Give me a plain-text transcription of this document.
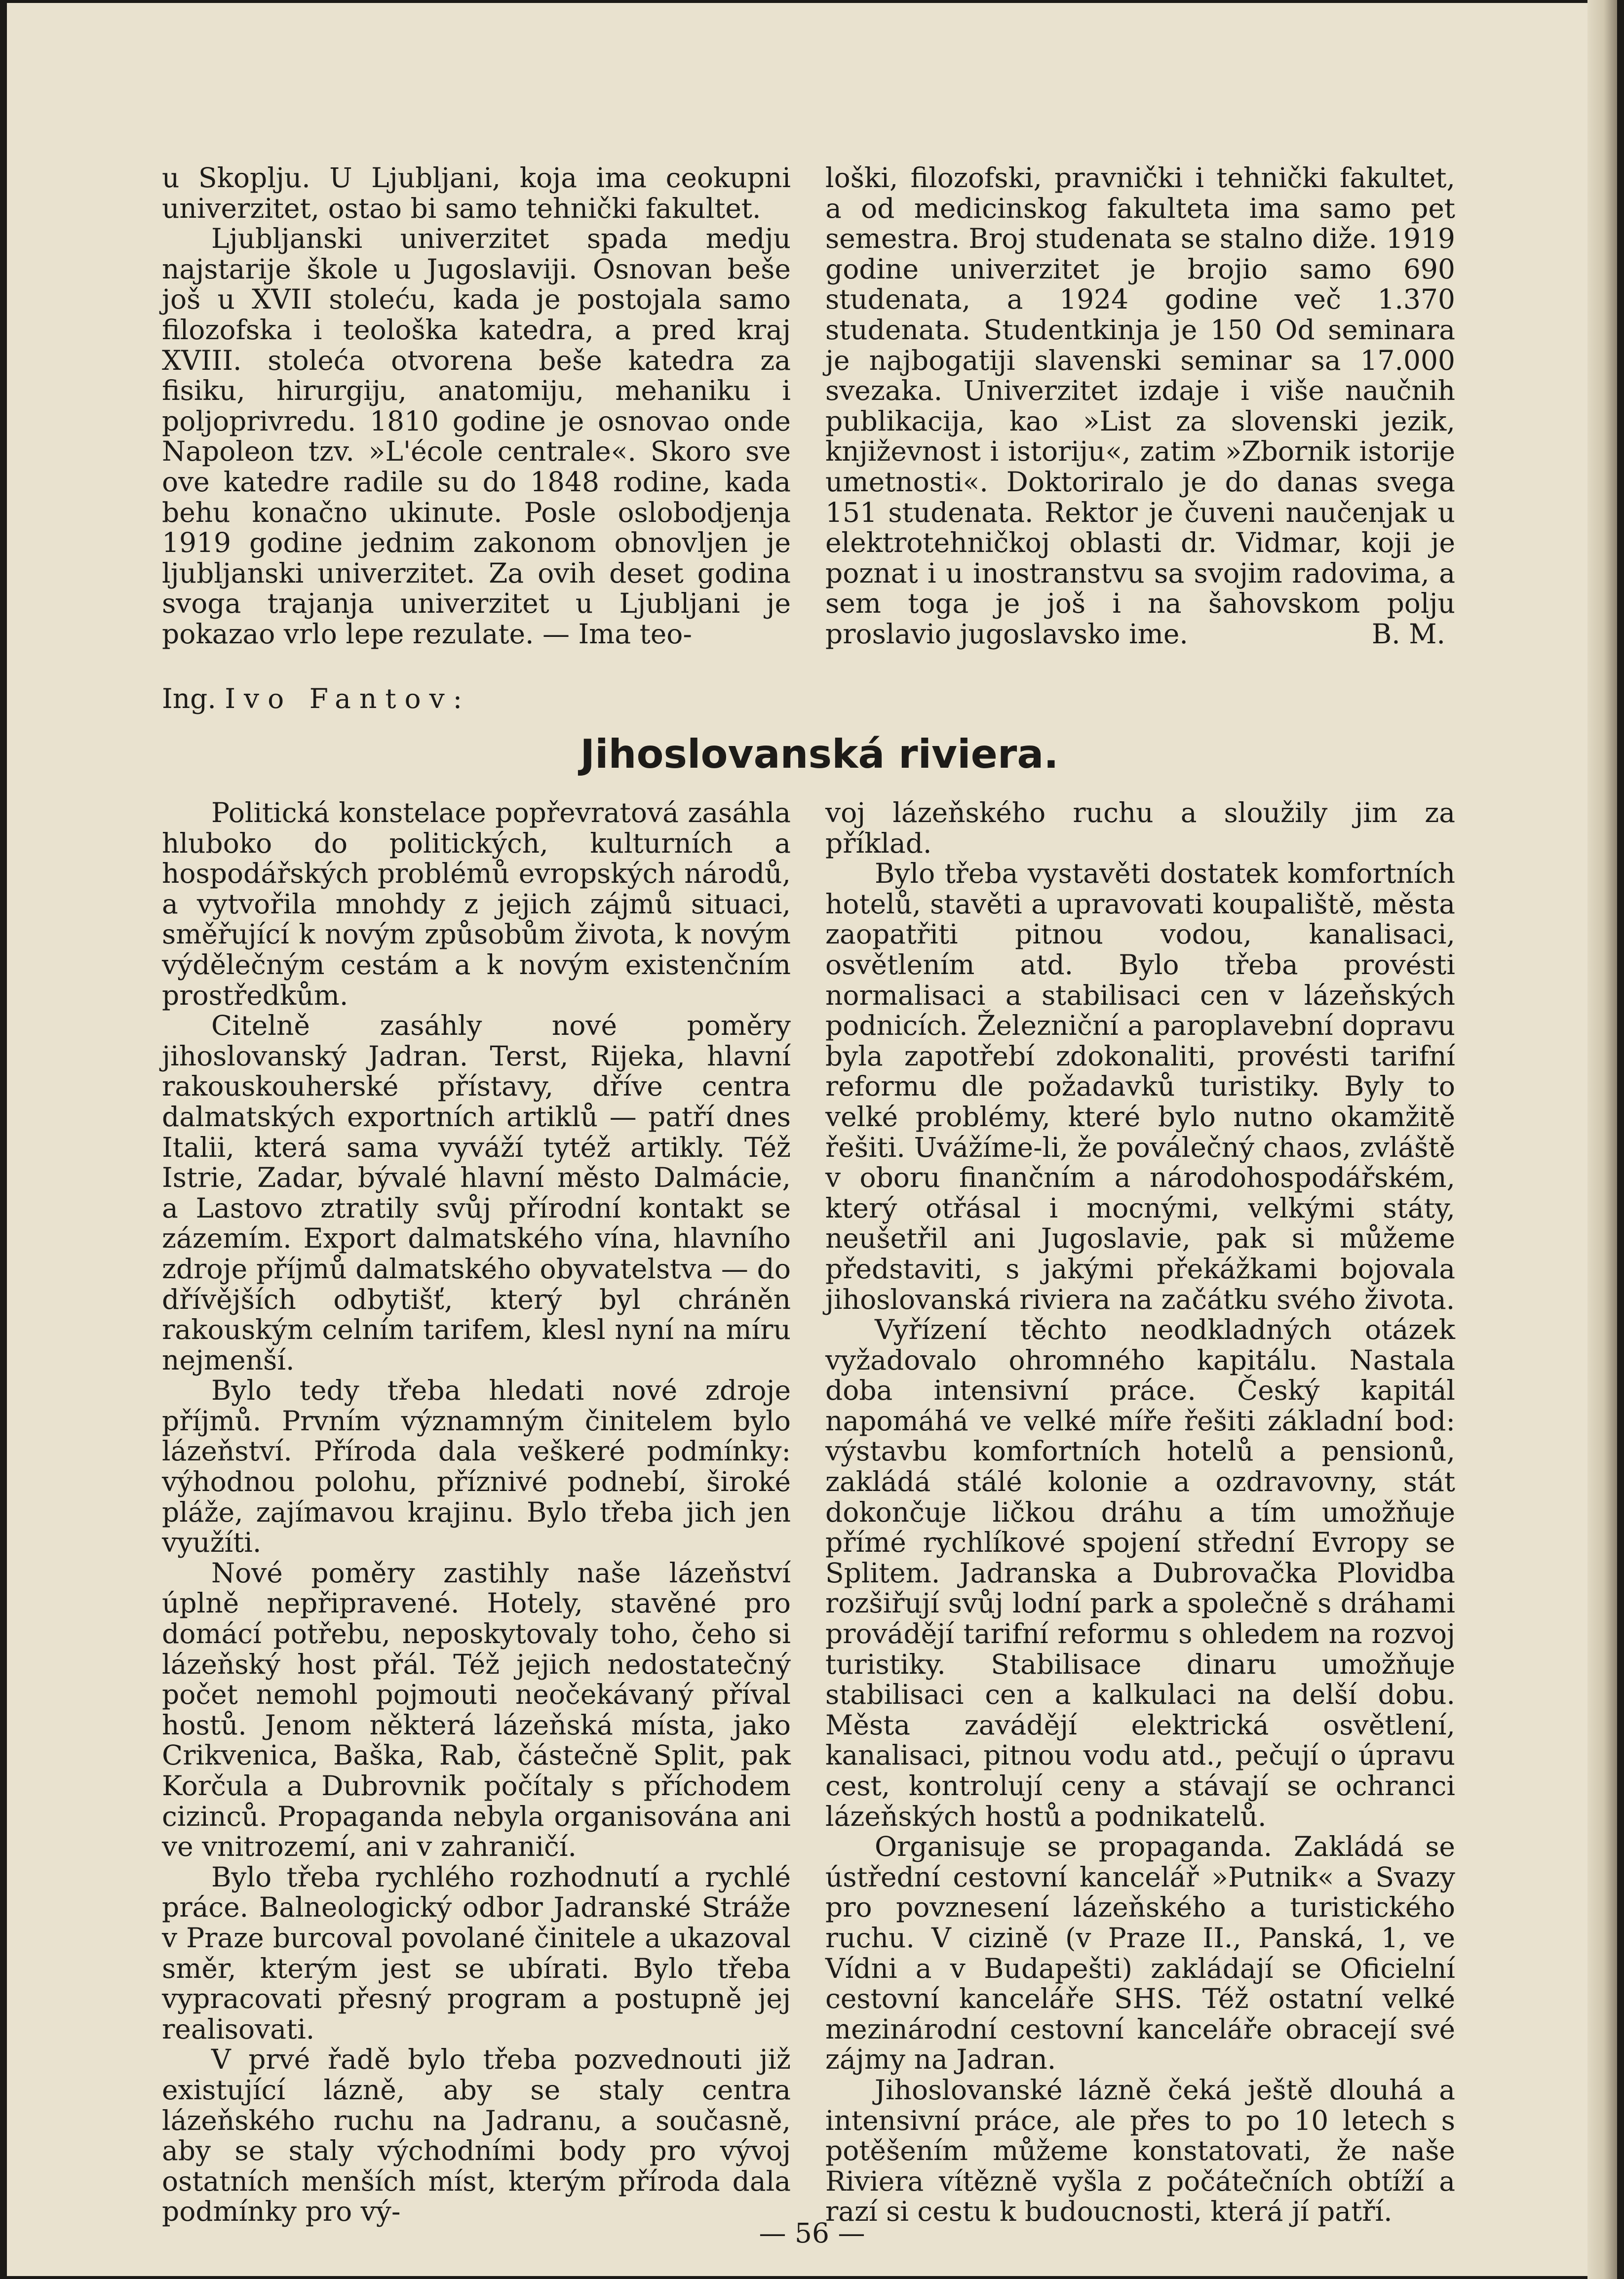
u Skoplju. U Ljubljani, koja ima ceokupni univerzitet, ostao bi samo tehnički fakultet.

Ljubljanski univerzitet spada medju najstarije škole u Jugoslaviji. Osnovan beše još u XVII stoleću, kada je postojala samo filozofska i teološka katedra, a pred kraj XVIII. stoleća otvorena beše katedra za fisiku, hirurgiju, anatomiju, mehaniku i poljoprivredu. 1810 godine je osnovao onde Napoleon tzv. »L'école centrale«. Skoro sve ove katedre radile su do 1848 rodine, kada behu konačno ukinute. Posle oslobodjenja 1919 godine jednim zakonom obnovljen je ljubljanski univerzitet. Za ovih deset godina svoga trajanja univerzitet u Ljubljani je pokazao vrlo lepe rezulate. — Ima teo-

loški, filozofski, pravnički i tehnički fakultet, a od medicinskog fakulteta ima samo pet semestra. Broj studenata se stalno diže. 1919 godine univerzitet je brojio samo 690 studenata, a 1924 godine več 1.370 studenata. Studentkinja je 150 Od seminara je najbogatiji slavenski seminar sa 17.000 svezaka. Univerzitet izdaje i više naučnih publikacija, kao »List za slovenski jezik, književnost i istoriju«, zatim »Zbornik istorije umetnosti«. Doktoriralo je do danas svega 151 studenata. Rektor je čuveni naučenjak u elektrotehničkoj oblasti dr. Vidmar, koji je poznat i u inostranstvu sa svojim radovima, a sem toga je još i na šahovskom polju proslavio jugoslavsko ime.	B. M.

Ing. Ivo Fantov:
Jihoslovanská riviera.

Politická konstelace popřevratová zasáhla hluboko do politických, kulturních a hospodářských problémů evropských národů, a vytvořila mnohdy z jejich zájmů situaci, směřující k novým způsobům života, k novým výdělečným cestám a k novým existenčním prostředkům.

Citelně zasáhly nové poměry jihoslovanský Jadran. Terst, Rijeka, hlavní rakouskouherské přístavy, dříve centra dalmatských exportních artiklů — patří dnes Italii, která sama vyváží tytéž artikly. Též Istrie, Zadar, bývalé hlavní město Dalmácie, a Lastovo ztratily svůj přírodní kontakt se zázemím. Export dalmatského vína, hlavního zdroje příjmů dalmatského obyvatelstva — do dřívějších odbytišť, který byl chráněn rakouským celním tarifem, klesl nyní na míru nejmenší.

Bylo tedy třeba hledati nové zdroje příjmů. Prvním významným činitelem bylo lázeňství. Příroda dala veškeré podmínky: výhodnou polohu, příznivé podnebí, široké pláže, zajímavou krajinu. Bylo třeba jich jen využíti.

Nové poměry zastihly naše lázeňství úplně nepřipravené. Hotely, stavěné pro domácí potřebu, neposkytovaly toho, čeho si lázeňský host přál. Též jejich nedostatečný počet nemohl pojmouti neočekávaný příval hostů. Jenom některá lázeňská místa, jako Crikvenica, Baška, Rab, částečně Split, pak Korčula a Dubrovnik počítaly s příchodem cizinců. Propaganda nebyla organisována ani ve vnitrozemí, ani v zahraničí.

Bylo třeba rychlého rozhodnutí a rychlé práce. Balneologický odbor Jadranské Stráže v Praze burcoval povolané činitele a ukazoval směr, kterým jest se ubírati. Bylo třeba vypracovati přesný program a postupně jej realisovati.

V prvé řadě bylo třeba pozvednouti již existující lázně, aby se staly centra lázeňského ruchu na Jadranu, a současně, aby se staly východními body pro vývoj ostatních menších míst, kterým příroda dala podmínky pro vý-

voj lázeňského ruchu a sloužily jim za příklad.

Bylo třeba vystavěti dostatek komfortních hotelů, stavěti a upravovati koupaliště, města zaopatřiti pitnou vodou, kanalisaci, osvětlením atd. Bylo třeba provésti normalisaci a stabilisaci cen v lázeňských podnicích. Železniční a paroplavební dopravu byla zapotřebí zdokonaliti, provésti tarifní reformu dle požadavků turistiky. Byly to velké problémy, které bylo nutno okamžitě řešiti. Uvážíme-li, že poválečný chaos, zvláště v oboru finančním a národohospodářském, který otřásal i mocnými, velkými státy, neušetřil ani Jugoslavie, pak si můžeme představiti, s jakými překážkami bojovala jihoslovanská riviera na začátku svého života.

Vyřízení těchto neodkladných otázek vyžadovalo ohromného kapitálu. Nastala doba intensivní práce. Český kapitál napomáhá ve velké míře řešiti základní bod: výstavbu komfortních hotelů a pensionů, zakládá stálé kolonie a ozdravovny, stát dokončuje ličkou dráhu a tím umožňuje přímé rychlíkové spojení střední Evropy se Splitem. Jadranska a Dubrovačka Plovidba rozšiřují svůj lodní park a společně s dráhami provádějí tarifní reformu s ohledem na rozvoj turistiky. Stabilisace dinaru umožňuje stabilisaci cen a kalkulaci na delší dobu. Města zavádějí elektrická osvětlení, kanalisaci, pitnou vodu atd., pečují o úpravu cest, kontrolují ceny a stávají se ochranci lázeňských hostů a podnikatelů.

Organisuje se propaganda. Zakládá se ústřední cestovní kancelář »Putnik« a Svazy pro povznesení lázeňského a turistického ruchu. V cizině (v Praze II., Panská, 1, ve Vídni a v Budapešti) zakládají se Oficielní cestovní kanceláře SHS. Též ostatní velké mezinárodní cestovní kanceláře obracejí své zájmy na Jadran.

Jihoslovanské lázně čeká ještě dlouhá a intensivní práce, ale přes to po 10 letech s potěšením můžeme konstatovati, že naše Riviera vítězně vyšla z počátečních obtíží a razí si cestu k budoucnosti, která jí patří.

— 56 —
